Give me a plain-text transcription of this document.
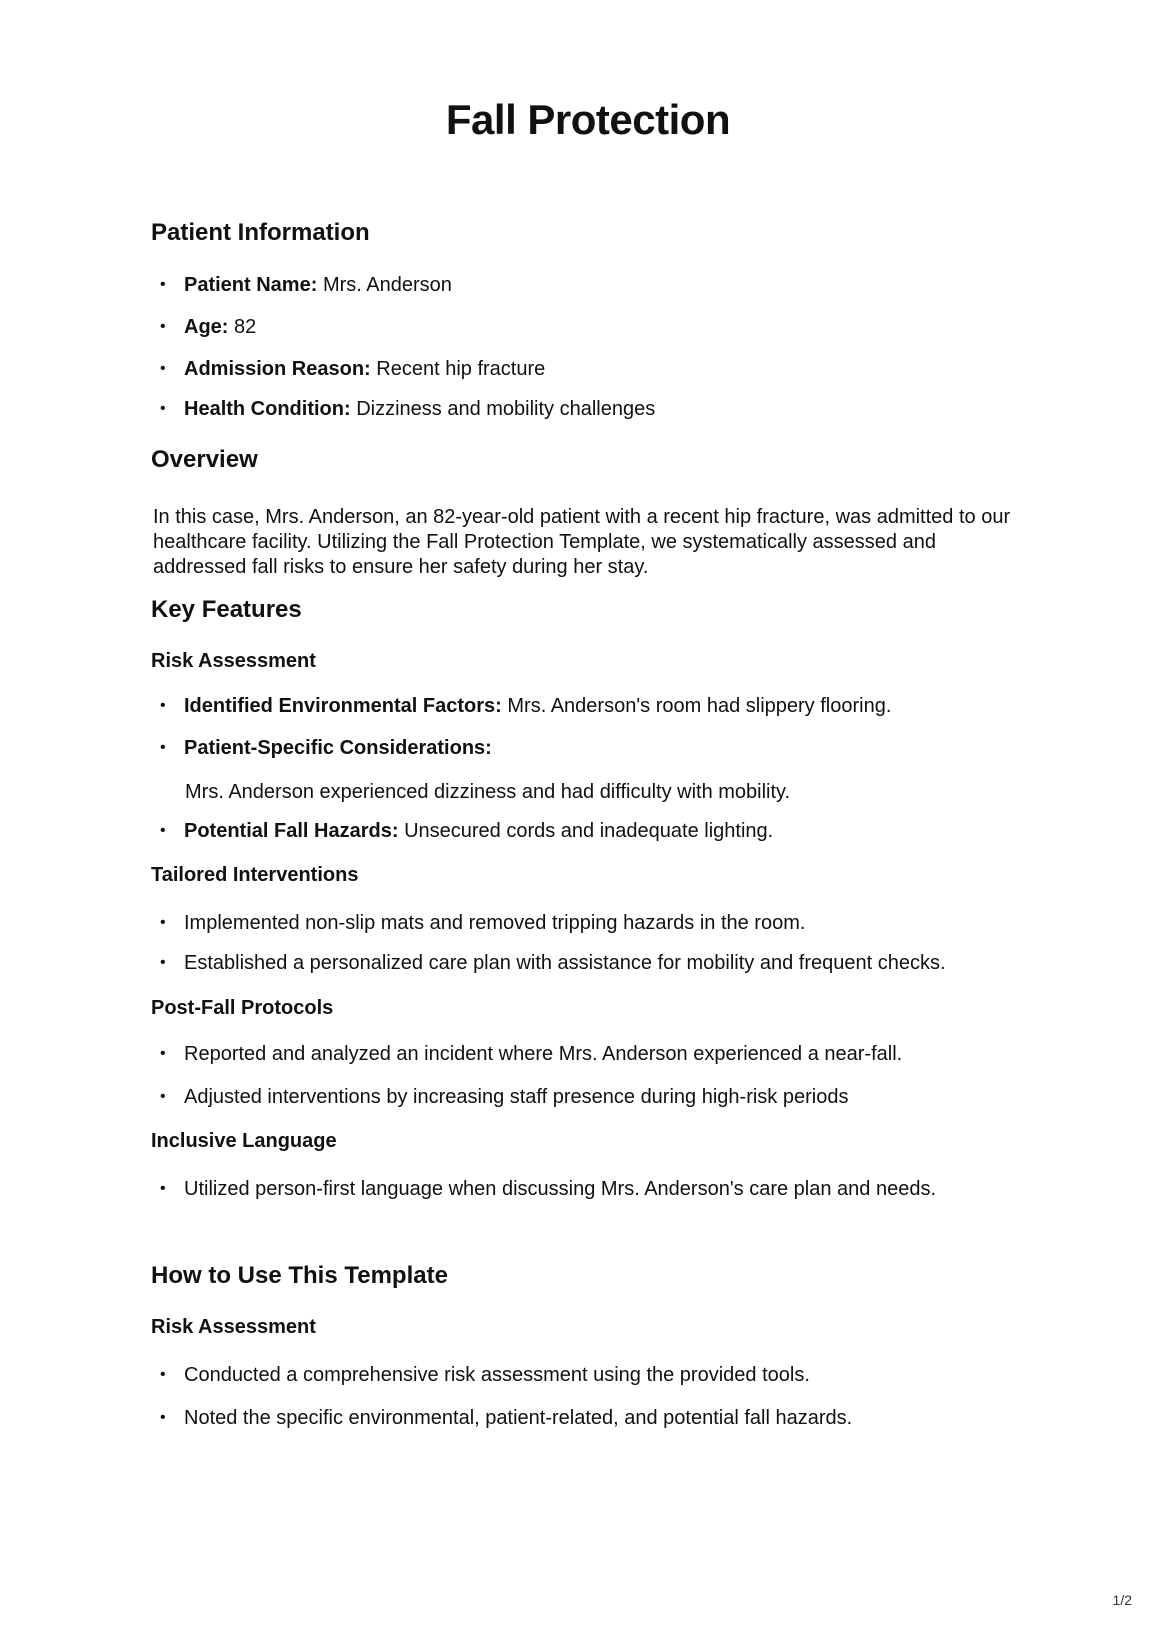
Fall Protection
Patient Information

• Patient Name: Mrs. Anderson

• Age: 82

• Admission Reason: Recent hip fracture

• Health Condition: Dizziness and mobility challenges

Overview

In this case, Mrs. Anderson, an 82-year-old patient with a recent hip fracture, was admitted to our healthcare facility. Utilizing the Fall Protection Template, we systematically assessed and addressed fall risks to ensure her safety during her stay.

Key Features
Risk Assessment

• Identified Environmental Factors: Mrs. Anderson's room had slippery flooring.

• Patient-Specific Considerations:

Mrs. Anderson experienced dizziness and had difficulty with mobility.

• Potential Fall Hazards: Unsecured cords and inadequate lighting.

Tailored Interventions

• Implemented non-slip mats and removed tripping hazards in the room.

• Established a personalized care plan with assistance for mobility and frequent checks.

Post-Fall Protocols

• Reported and analyzed an incident where Mrs. Anderson experienced a near-fall.

• Adjusted interventions by increasing staff presence during high-risk periods

Inclusive Language

• Utilized person-first language when discussing Mrs. Anderson's care plan and needs.

How to Use This Template
Risk Assessment

• Conducted a comprehensive risk assessment using the provided tools.

• Noted the specific environmental, patient-related, and potential fall hazards.

1/2
